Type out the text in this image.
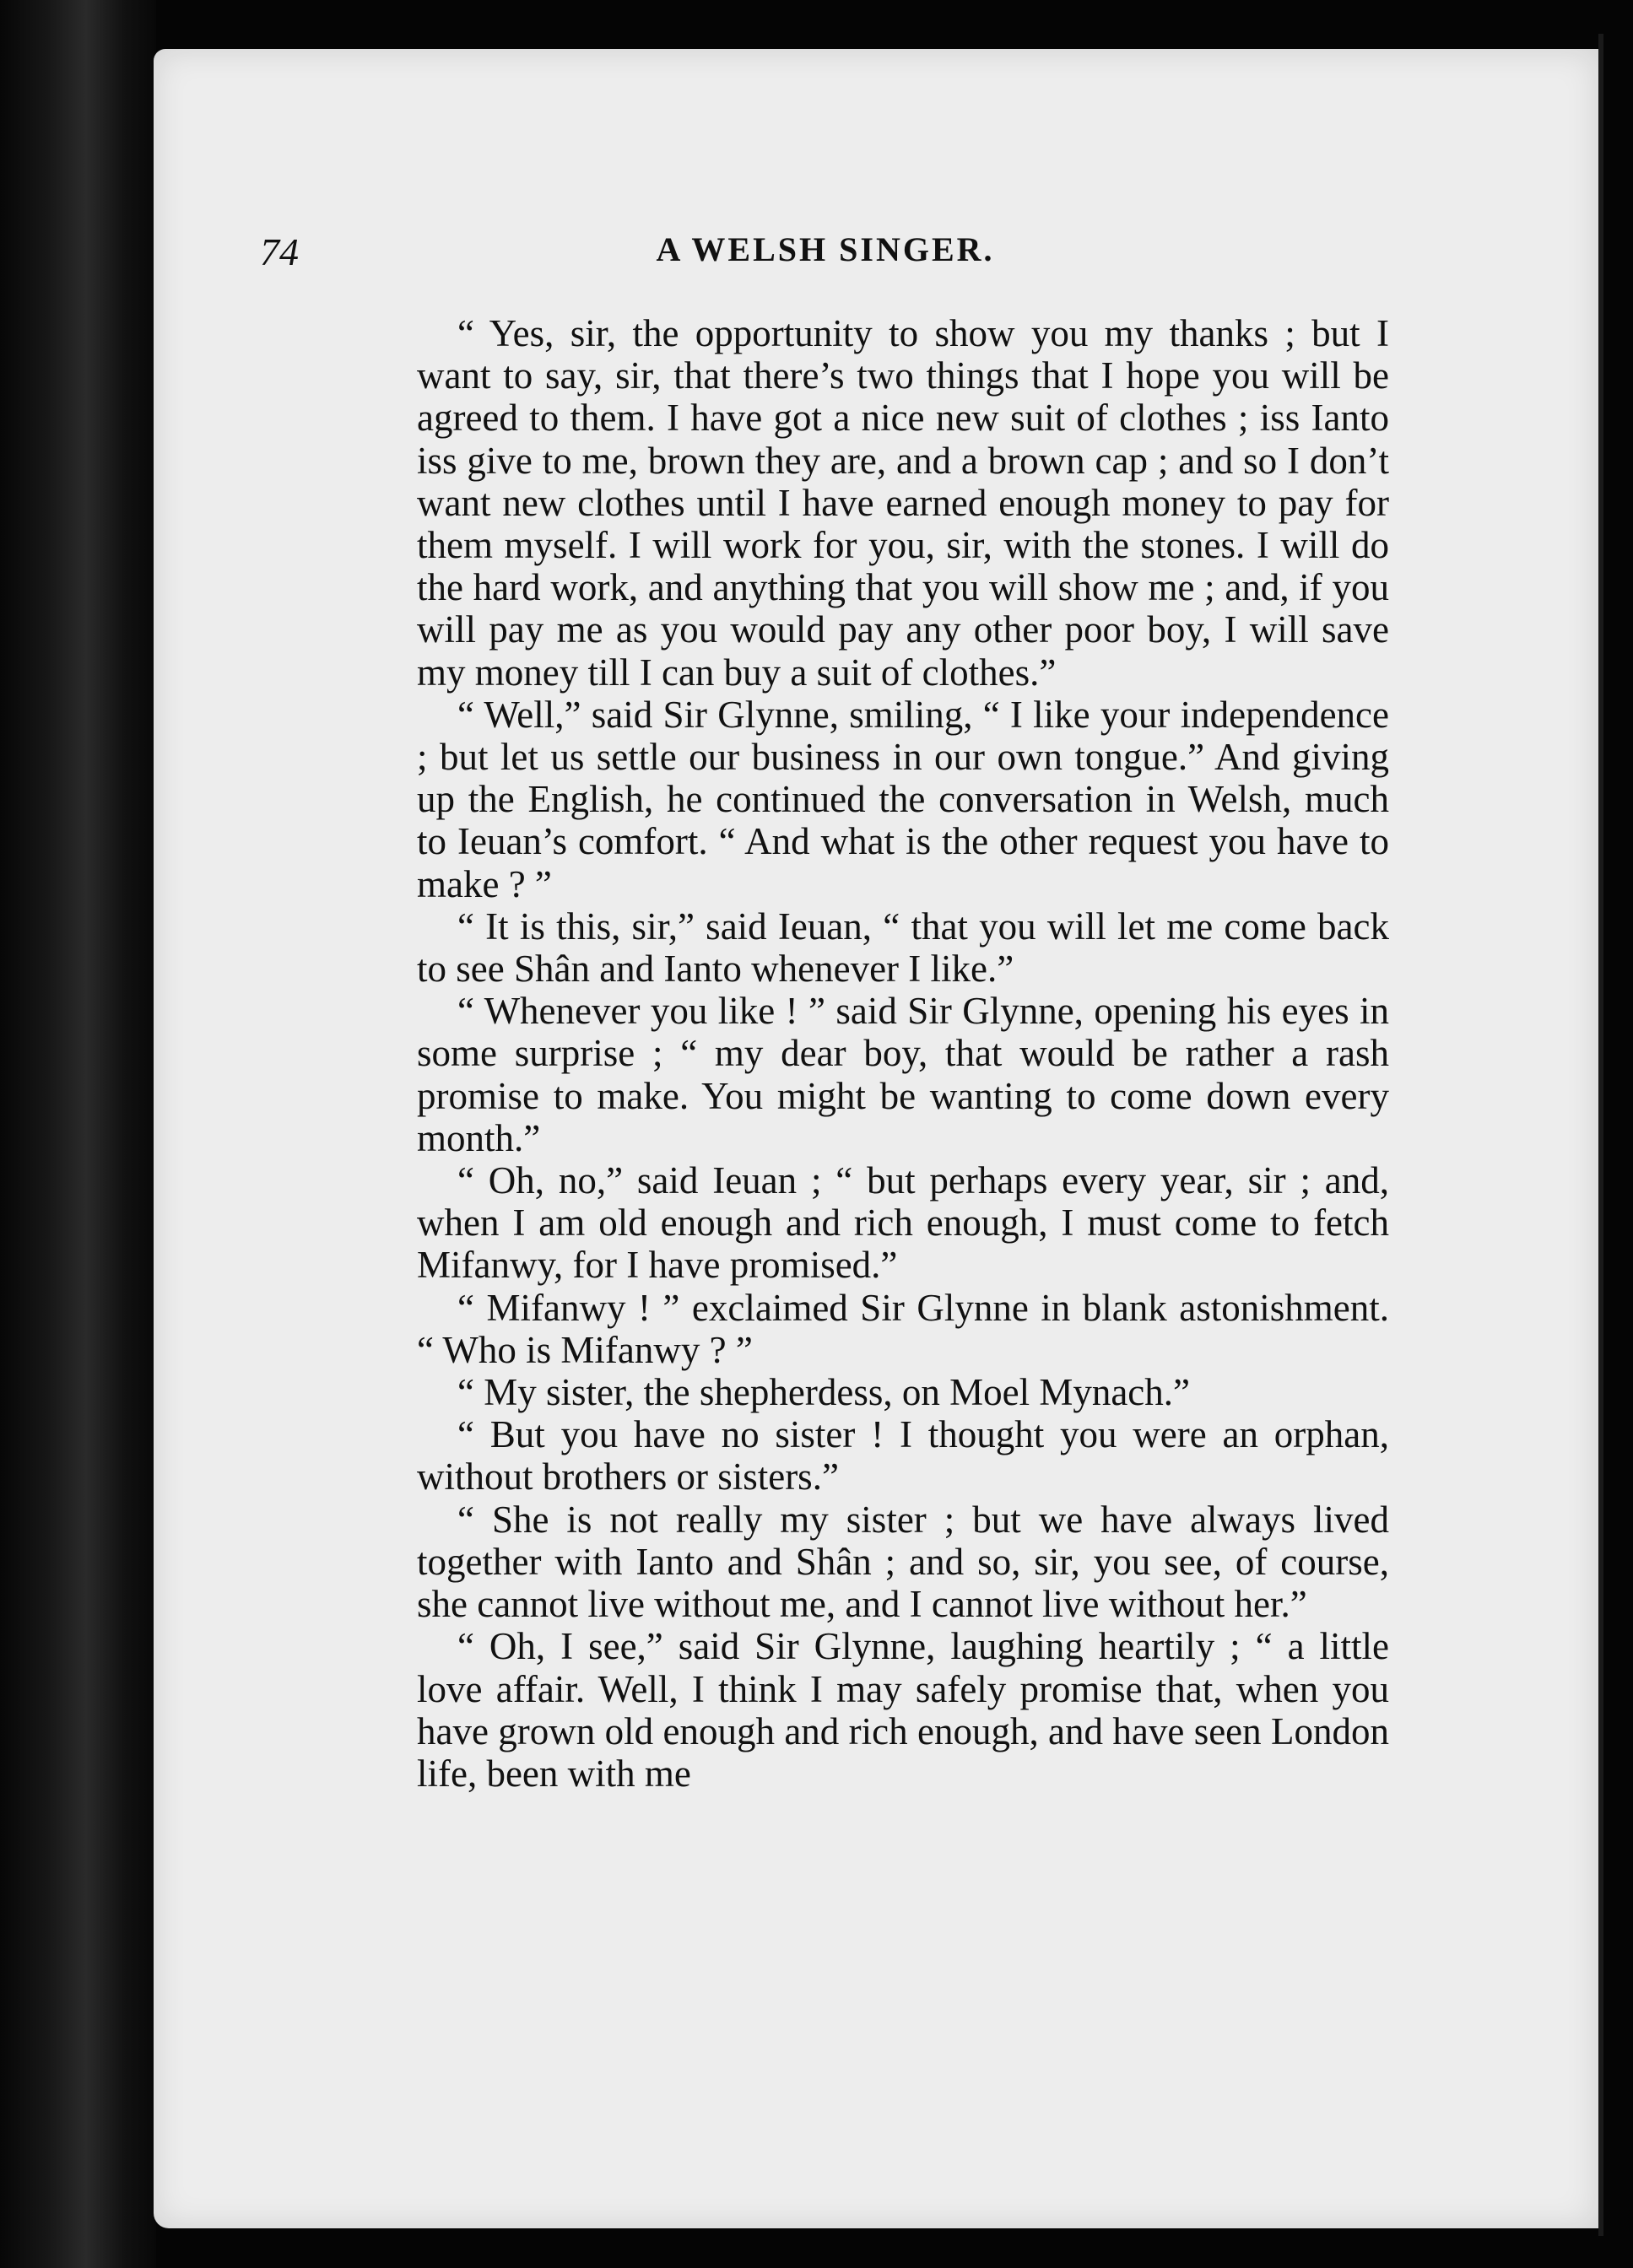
74	A WELSH SINGER.

“ Yes, sir, the opportunity to show you my thanks ; but I want to say, sir, that there’s two things that I hope you will be agreed to them. I have got a nice new suit of clothes ; iss Ianto iss give to me, brown they are, and a brown cap ; and so I don’t want new clothes until I have earned enough money to pay for them myself. I will work for you, sir, with the stones. I will do the hard work, and anything that you will show me ; and, if you will pay me as you would pay any other poor boy, I will save my money till I can buy a suit of clothes.”

“ Well,” said Sir Glynne, smiling, “ I like your independence ; but let us settle our business in our own tongue.” And giving up the English, he continued the conversation in Welsh, much to Ieuan’s comfort. “ And what is the other request you have to make ? ”

“ It is this, sir,” said Ieuan, “ that you will let me come back to see Shân and Ianto whenever I like.”

“ Whenever you like ! ” said Sir Glynne, opening his eyes in some surprise ; “ my dear boy, that would be rather a rash promise to make. You might be wanting to come down every month.”

“ Oh, no,” said Ieuan ; “ but perhaps every year, sir ; and, when I am old enough and rich enough, I must come to fetch Mifanwy, for I have promised.”

“ Mifanwy ! ” exclaimed Sir Glynne in blank astonishment. “ Who is Mifanwy ? ”

“ My sister, the shepherdess, on Moel Mynach.”

“ But you have no sister ! I thought you were an orphan, without brothers or sisters.”

“ She is not really my sister ; but we have always lived together with Ianto and Shân ; and so, sir, you see, of course, she cannot live without me, and I cannot live without her.”

“ Oh, I see,” said Sir Glynne, laughing heartily ; “ a little love affair. Well, I think I may safely promise that, when you have grown old enough and rich enough, and have seen London life, been with me
